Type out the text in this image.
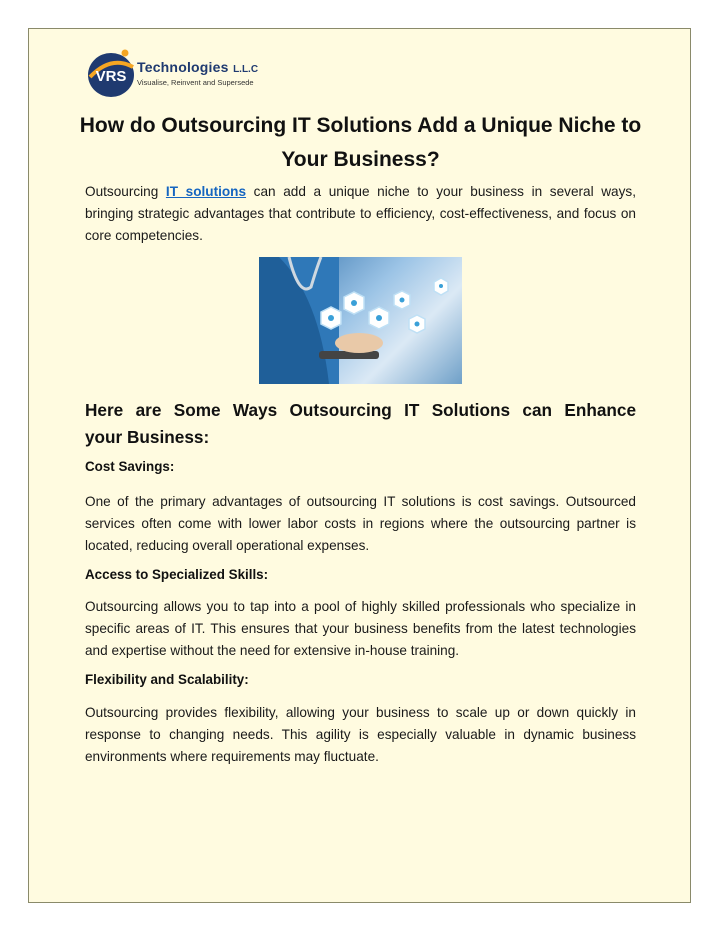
VRS
Technologies L.L.C
Visualise, Reinvent and Supersede
How do Outsourcing IT Solutions Add a Unique Niche to Your Business?

Outsourcing IT solutions can add a unique niche to your business in several ways, bringing strategic advantages that contribute to efficiency, cost-effectiveness, and focus on core competencies.

Here are Some Ways Outsourcing IT Solutions can Enhance
your Business:

Cost Savings:

One of the primary advantages of outsourcing IT solutions is cost savings. Outsourced services often come with lower labor costs in regions where the outsourcing partner is located, reducing overall operational expenses.

Access to Specialized Skills:

Outsourcing allows you to tap into a pool of highly skilled professionals who specialize in specific areas of IT. This ensures that your business benefits from the latest technologies and expertise without the need for extensive in-house training.

Flexibility and Scalability:

Outsourcing provides flexibility, allowing your business to scale up or down quickly in response to changing needs. This agility is especially valuable in dynamic business environments where requirements may fluctuate.
